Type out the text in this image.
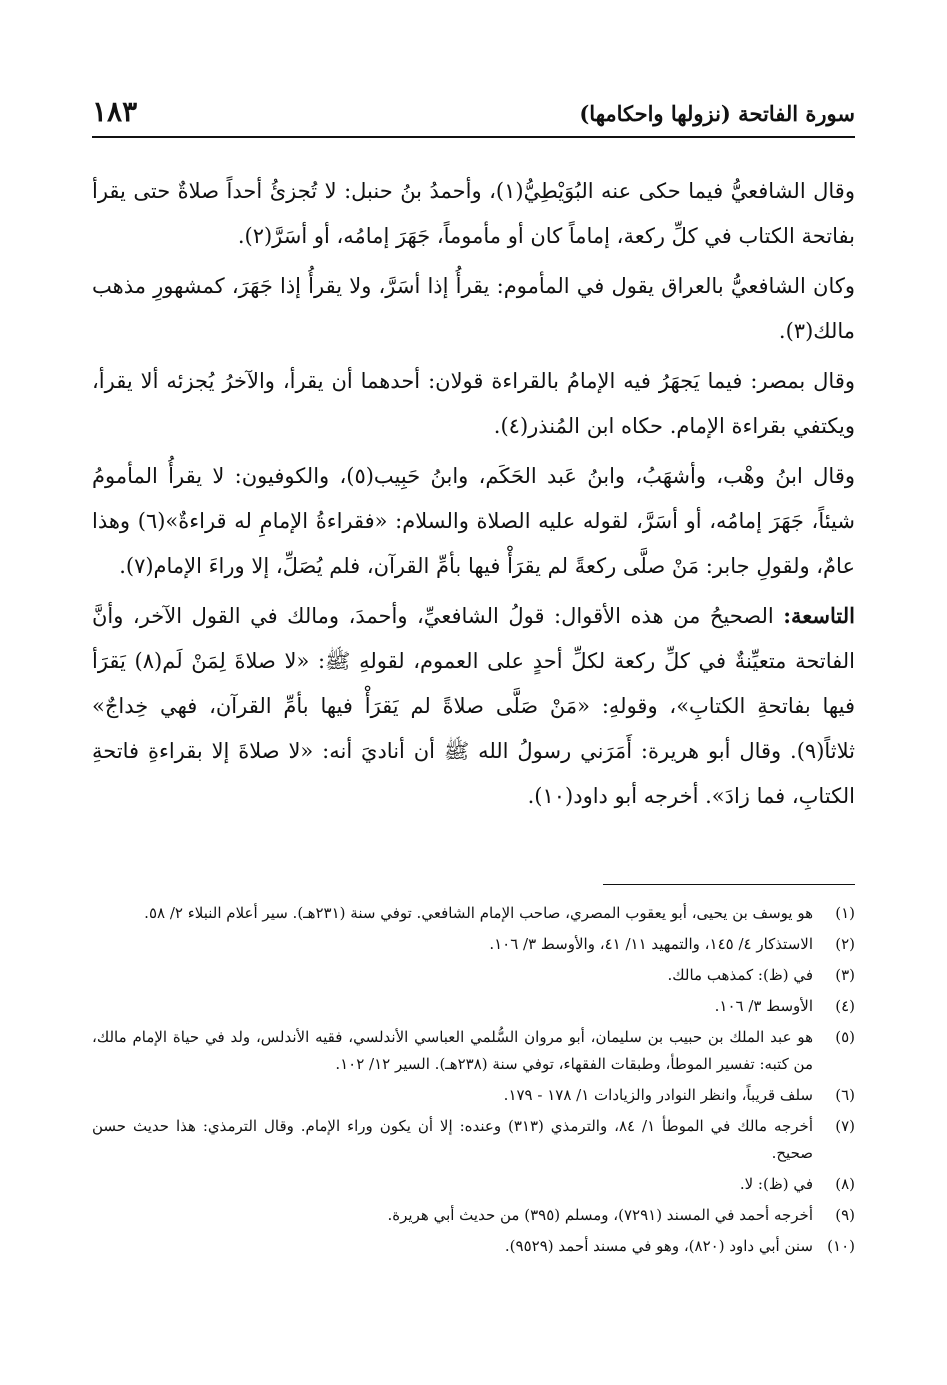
سورة الفاتحة (نزولها واحكامها)
١٨٣

وقال الشافعيُّ فيما حكى عنه البُوَيْطِيُّ(١)، وأحمدُ بنُ حنبل: لا تُجزئُ أحداً صلاةٌ حتى يقرأ بفاتحة الكتاب في كلِّ ركعة، إماماً كان أو مأموماً، جَهَرَ إمامُه، أو أسَرَّ(٢).

وكان الشافعيُّ بالعراق يقول في المأموم: يقرأُ إذا أسَرَّ، ولا يقرأُ إذا جَهَرَ، كمشهورِ مذهب مالك(٣).

وقال بمصر: فيما يَجهَرُ فيه الإمامُ بالقراءة قولان: أحدهما أن يقرأ، والآخرُ يُجزئه ألا يقرأ، ويكتفي بقراءة الإمام. حكاه ابن المُنذر(٤).

وقال ابنُ وهْب، وأشهَبُ، وابنُ عَبد الحَكَم، وابنُ حَبِيب(٥)، والكوفيون: لا يقرأُ المأمومُ شيئاً، جَهَرَ إمامُه، أو أسَرَّ، لقوله عليه الصلاة والسلام: «فقراءةُ الإمامِ له قراءةٌ»(٦) وهذا عامٌ، ولقولِ جابر: مَنْ صلَّى ركعةً لم يقرَأْ فيها بأمِّ القرآن، فلم يُصَلِّ، إلا وراءَ الإمام(٧).

التاسعة: الصحيحُ من هذه الأقوال: قولُ الشافعيِّ، وأحمدَ، ومالك في القول الآخر، وأنَّ الفاتحة متعيِّنةٌ في كلِّ ركعة لكلِّ أحدٍ على العموم، لقولهِ ﷺ: «لا صلاةَ لِمَنْ لَم(٨) يَقرَأ فيها بفاتحةِ الكتابِ»، وقولهِ: «مَنْ صَلَّى صلاةً لم يَقرَأْ فيها بأمِّ القرآن، فهي خِداجٌ» ثلاثاً(٩). وقال أبو هريرة: أَمَرَني رسولُ الله ﷺ أن أناديَ أنه: «لا صلاةَ إلا بقراءةِ فاتحةِ الكتابِ، فما زادَ». أخرجه أبو داود(١٠).

(١)
هو يوسف بن يحيى، أبو يعقوب المصري، صاحب الإمام الشافعي. توفي سنة (٢٣١هـ). سير أعلام النبلاء ٢/ ٥٨.
(٢)
الاستذكار ٤/ ١٤٥، والتمهيد ١١/ ٤١، والأوسط ٣/ ١٠٦.
(٣)
في (ظ): كمذهب مالك.
(٤)
الأوسط ٣/ ١٠٦.
(٥)
هو عبد الملك بن حبيب بن سليمان، أبو مروان السُّلمي العباسي الأندلسي، فقيه الأندلس، ولد في حياة الإمام مالك، من كتبه: تفسير الموطأ، وطبقات الفقهاء، توفي سنة (٢٣٨هـ). السير ١٢/ ١٠٢.
(٦)
سلف قريباً، وانظر النوادر والزيادات ١/ ١٧٨ - ١٧٩.
(٧)
أخرجه مالك في الموطأ ١/ ٨٤، والترمذي (٣١٣) وعنده: إلا أن يكون وراء الإمام. وقال الترمذي: هذا حديث حسن صحيح.
(٨)
في (ظ): لا.
(٩)
أخرجه أحمد في المسند (٧٢٩١)، ومسلم (٣٩٥) من حديث أبي هريرة.
(١٠)
سنن أبي داود (٨٢٠)، وهو في مسند أحمد (٩٥٢٩).
